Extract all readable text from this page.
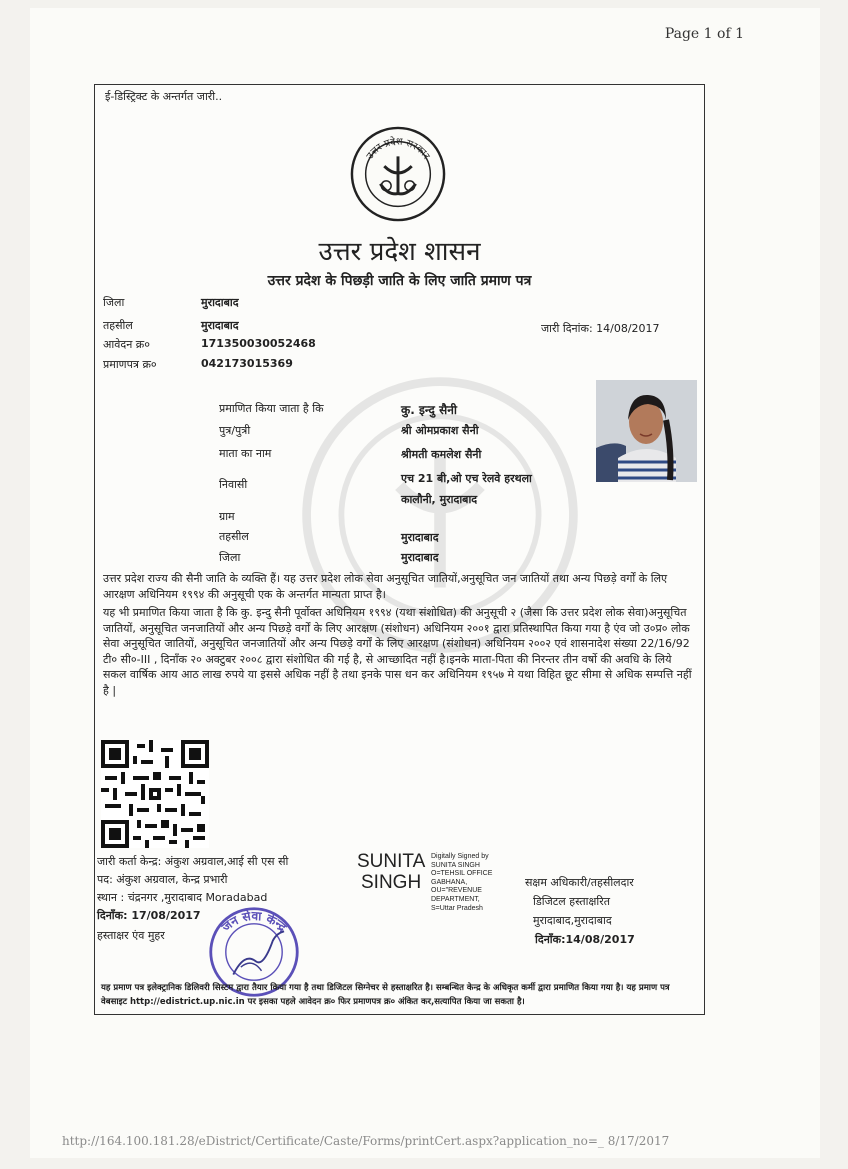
Page 1 of 1
ई-डिस्ट्रिक्ट के अन्तर्गत जारी..
उत्तर प्रदेश सरकार
उत्तर प्रदेश शासन
उत्तर प्रदेश के पिछड़ी जाति के लिए जाति प्रमाण पत्र
जिला	मुरादाबाद
तहसील	मुरादाबाद
आवेदन क्र०	171350030052468
प्रमाणपत्र क्र०	042173015369
जारी दिनांक: 14/08/2017
प्रमाणित किया जाता है कि	कु. इन्दु सैनी
पुत्र/पुत्री	श्री ओमप्रकाश सैनी
माता का नाम	श्रीमती कमलेश सैनी
निवासी	एच 21 बी,ओ एच रेलवे हरथला
कालौनी, मुरादाबाद
ग्राम
तहसील	मुरादाबाद
जिला	मुरादाबाद
उत्तर प्रदेश राज्य की सैनी जाति के व्यक्ति हैं। यह उत्तर प्रदेश लोक सेवा अनुसूचित जातियों,अनुसूचित जन जातियों तथा अन्य पिछड़े वर्गों के लिए आरक्षण अधिनियम १९९४ की अनुसूची एक के अन्तर्गत मान्यता प्राप्त है।
यह भी प्रमाणित किया जाता है कि कु. इन्दु सैनी पूर्वोक्त अधिनियम १९९४ (यथा संशोधित) की अनुसूची २ (जैसा कि उत्तर प्रदेश लोक सेवा)अनुसूचित जातियों, अनुसूचित जनजातियों और अन्य पिछड़े वर्गों के लिए आरक्षण (संशोधन) अधिनियम २००१ द्वारा प्रतिस्थापित किया गया है एंव जो उ०प्र० लोक सेवा अनुसूचित जातियों, अनुसूचित जनजातियों और अन्य पिछड़े वर्गों के लिए आरक्षण (संशोधन) अधिनियम २००२ एवं शासनादेश संख्या 22/16/92 टी० सी०-III , दिनाँक २० अक्टुबर २००८ द्वारा संशोधित की गई है, से आच्छादित नहीं है।इनके माता-पिता की निरन्तर तीन वर्षो की अवधि के लिये सकल वार्षिक आय आठ लाख रुपये या इससे अधिक नहीं है तथा इनके पास धन कर अधिनियम १९५७ मे यथा विहित छूट सीमा से अधिक सम्पत्ति नहीं है |
जारी कर्ता केन्द्र: अंकुश अग्रवाल,आई सी एस सी
पद: अंकुश अग्रवाल, केन्द्र प्रभारी
स्थान : चंद्रनगर ,मुरादाबाद Moradabad
दिनाँक: 17/08/2017
हस्ताक्षर एंव मुहर
SUNITA
SINGH
Digitally Signed by
SUNITA SINGH
O=TEHSIL OFFICE
GABHANA,
OU="REVENUE
DEPARTMENT,
S=Uttar Pradesh
सक्षम अधिकारी/तहसीलदार
डिजिटल हस्ताक्षरित
मुरादाबाद,मुरादाबाद
दिनाँक:14/08/2017
जन सेवा केन्द्र
यह प्रमाण पत्र इलेक्ट्रानिक डिलिवरी सिस्टम द्वारा तैयार किया गया है तथा डिजिटल सिग्नेचर से हस्ताक्षरित है। सम्बन्धित केन्द्र के अधिकृत कर्मी द्वारा प्रमाणित किया गया है। यह प्रमाण पत्र वेबसाइट http://edistrict.up.nic.in पर इसका पहले आवेदन क्र० फिर प्रमाणपत्र क्र० अंकित कर,सत्यापित किया जा सकता है।
http://164.100.181.28/eDistrict/Certificate/Caste/Forms/printCert.aspx?application_no=_ 8/17/2017
